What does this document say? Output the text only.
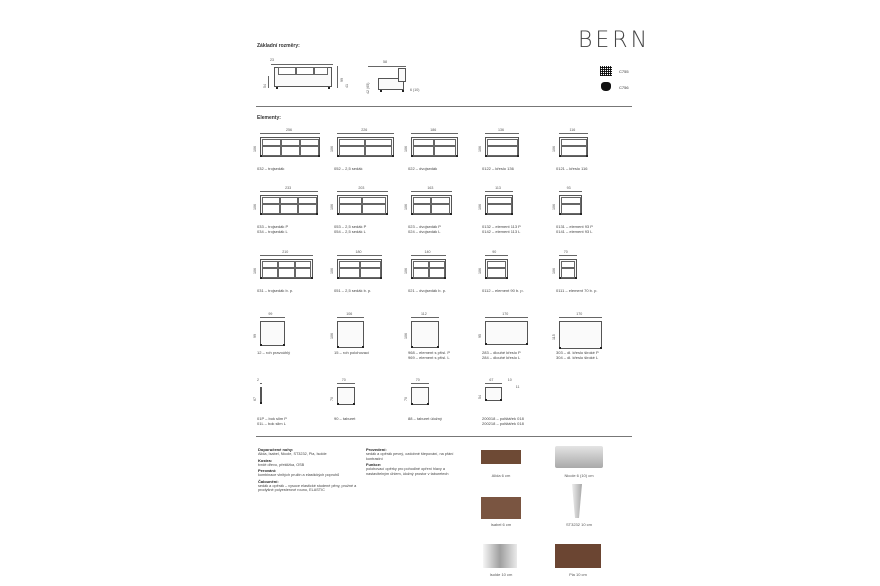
BERN
Základní rozměry:
23
54
99
41
58
42 (65)	6 (10)
C755
C756
Elementy:
256
106
032 – trojsedák
226
106
052 – 2,5 sedák
186
106
022 – dvojsedák
136
106
0122 – křeslo 136
116
106
0121 – křeslo 116
233
106
033 – trojsedák P
034 – trojsedák L
203
106
053 – 2,5 sedák P
054 – 2,5 sedák L
163
106
023 – dvojsedák P
024 – dvojsedák L
113
106
0132 – element 113 P
0142 – element 113 L
93
106
0131 – element 93 P
0141 – element 93 L
210
106
031 – trojsedák b. p.
180
106
051 – 2,5 sedák b. p.
140
106
021 – dvojsedák b. p.
90
106
0112 – element 90 b. p.
70
106
0111 – element 70 b. p.
99
99
12 – roh pravoúhlý
106
106
15 – roh polohovací
112
106
968 – element s přísl. P
969 – element s přísl. L
170
95
283 – dlouhé křeslo P
284 – dlouhé křeslo L
170
115
303 – dl. křeslo široké P
304 – dl. křeslo široké L
2
67
01P – bok slim P
01L – bok slim L
70
70
90 – taburet
70
70
88 – taburet úložný
67
54
10
11
200018 – polštářek 018
200218 – polštářek 018
Doporučené nohy:

Alida, Isabel, Nicole, ST3232, Pia, Isolde

Kostra:

tvrdé dřevo, překližka, OSB

Perování:

kombinace vlnitých pružin a elastických popruhů

Čalounění:

sedák a opěrák – vysoce elastické studené pěny, pružné a prodyšné polyesterové rouno, ELASTIC

Provedení:

sedák a opěrák pevný, ozdobné štepování, na přání kontrastní

Funkce:

polohovací opěrky pro pohodlné opření hlavy a nastavitelným úhlem, úložný prostor v taburetech	Alida 6 cm	Nicole 6 (10) cm
Isabel 6 cm	ST3232 10 cm
Isolde 10 cm	Pia 10 cm
